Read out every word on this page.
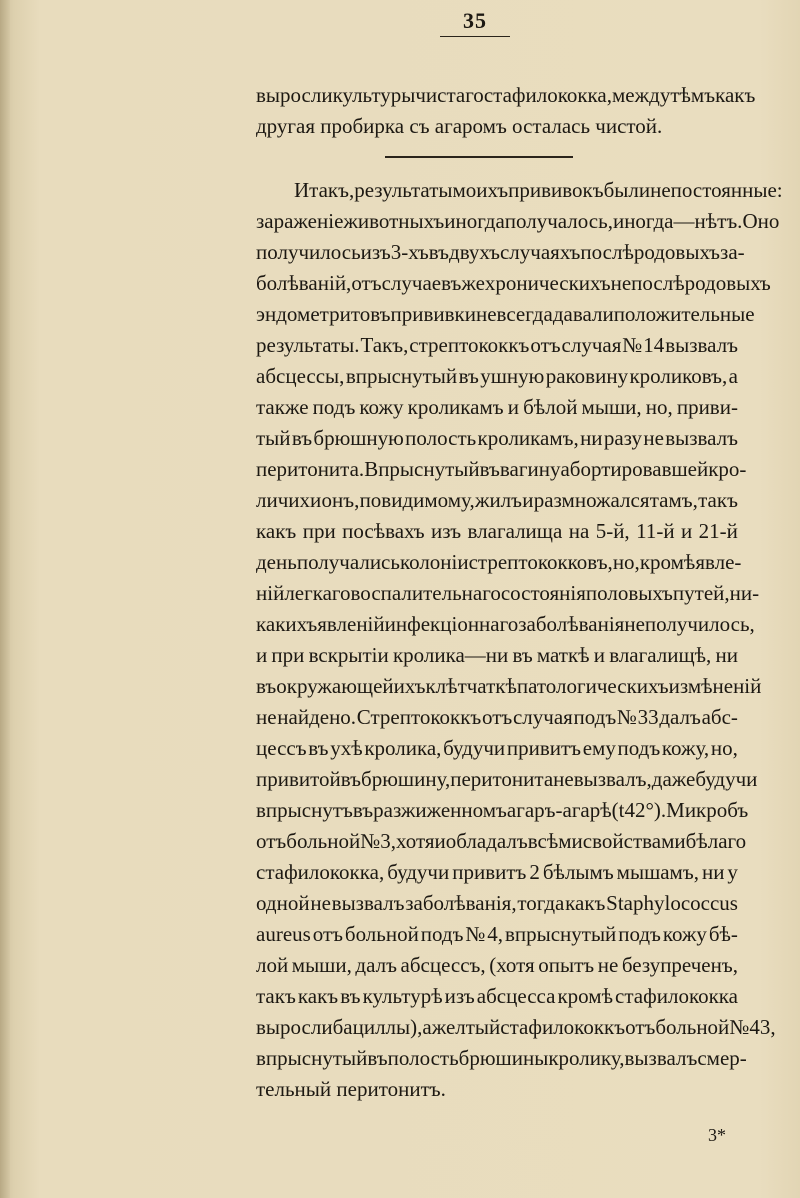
35
выросли культуры чистаго стафилококка, между тѣмъ какъ
другая пробирка съ агаромъ осталась чистой.
Итакъ, результаты моихъ прививокъ были непостоянные:
зараженіе животныхъ иногда получалось, иногда—нѣтъ. Оно
получилось изъ 3-хъ въ двухъ случаяхъ послѣродовыхъ за-
болѣваній, отъ случаевъ же хроническихъ непослѣродовыхъ
эндометритовъ прививки не всегда давали положительные
результаты. Такъ, стрептококкъ отъ случая № 14 вызвалъ
абсцессы, впрыснутый въ ушную раковину кроликовъ, а
также подъ кожу кроликамъ и бѣлой мыши, но, приви-
тый въ брюшную полость кроликамъ, ни разу не вызвалъ
перитонита. Впрыснутый въ вагину абортировавшей кро-
личихи онъ, повидимому, жилъ и размножался тамъ, такъ
какъ при посѣвахъ изъ влагалища на 5-й, 11-й и 21-й
день получались колоніи стрептококковъ, но, кромѣ явле-
ній легкаго воспалительнаго состоянія половыхъ путей, ни-
какихъ явленій инфекціоннаго заболѣванія не получилось,
и при вскрытіи кролика—ни въ маткѣ и влагалищѣ, ни
въ окружающей ихъ клѣтчаткѣ патологическихъ измѣненій
не найдено. Стрептококкъ отъ случая подъ № 33 далъ абс-
цессъ въ ухѣ кролика, будучи привитъ ему подъ кожу, но,
привитой въ брюшину, перитонита не вызвалъ, даже будучи
впрыснутъ въ разжиженномъ агаръ-агарѣ (t 42°). Микробъ
отъ больной № 3, хотя и обладалъ всѣми свойствами бѣлаго
стафилококка, будучи привитъ 2 бѣлымъ мышамъ, ни у
одной не вызвалъ заболѣванія, тогда какъ Staphylococcus
aureus отъ больной подъ № 4, впрыснутый подъ кожу бѣ-
лой мыши, далъ абсцессъ, (хотя опытъ не безупреченъ,
такъ какъ въ культурѣ изъ абсцесса кромѣ стафилококка
выросли бациллы), а желтый стафилококкъ отъ больной № 43,
впрыснутый въ полость брюшины кролику, вызвалъ смер-
тельный перитонитъ.
3*
